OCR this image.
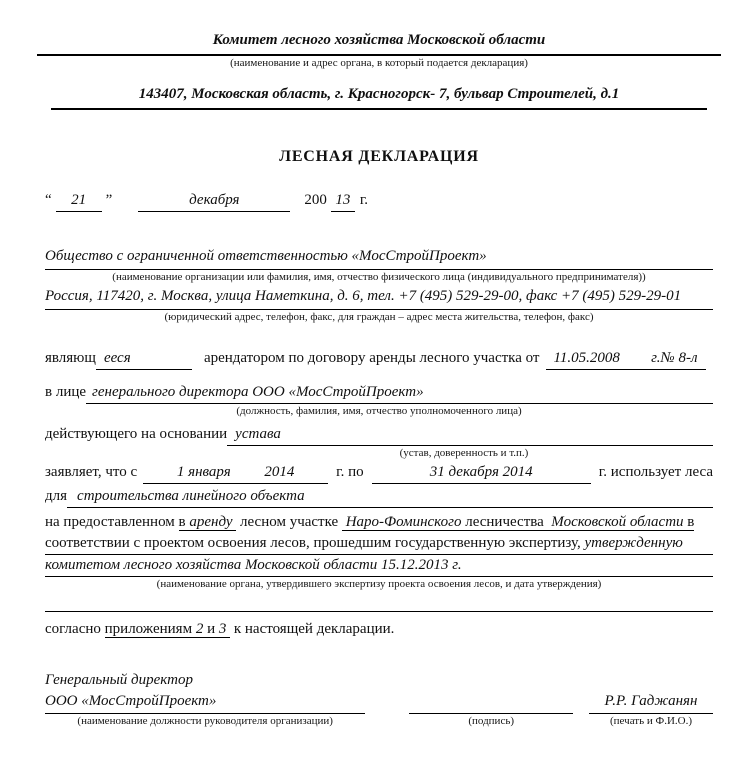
Комитет лесного хозяйства Московской области
(наименование и адрес органа, в который подается декларация)
143407, Московская область, г. Красногорск- 7, бульвар Строителей, д.1
ЛЕСНАЯ ДЕКЛАРАЦИЯ
“	21	”	декабря	200 13 г.
Общество с ограниченной ответственностью «МосСтройПроект»
(наименование организации или фамилия, имя, отчество физического лица (индивидуального предпринимателя))
Россия, 117420, г. Москва, улица Наметкина, д. 6, тел. +7 (495) 529-29-00, факс +7 (495) 529-29-01
(юридический адрес, телефон, факс, для граждан – адрес места жительства, телефон, факс)
являющ ееся	арендатором по договору аренды лесного участка от 11.05.2008 г.№ 8-л
в лице генерального директора ООО «МосСтройПроект»
(должность, фамилия, имя, отчество уполномоченного лица)
действующего на основании устава
(устав, доверенность и т.п.)
заявляет, что с	1 января 2014	г. по	31 декабря 2014	г. использует леса
для строительства линейного объекта
на предоставленном в аренду лесном участке Наро-Фоминского лесничества Московской области в
соответствии с проектом освоения лесов, прошедшим государственную экспертизу, утвержденную
комитетом лесного хозяйства Московской области 15.12.2013 г.
(наименование органа, утвердившего экспертизу проекта освоения лесов, и дата утверждения)
согласно приложениям 2 и 3 к настоящей декларации.
Генеральный директор
ООО «МосСтройПроект»
(наименование должности руководителя организации)	(подпись)
Р.Р. Гаджанян
(печать и Ф.И.О.)
